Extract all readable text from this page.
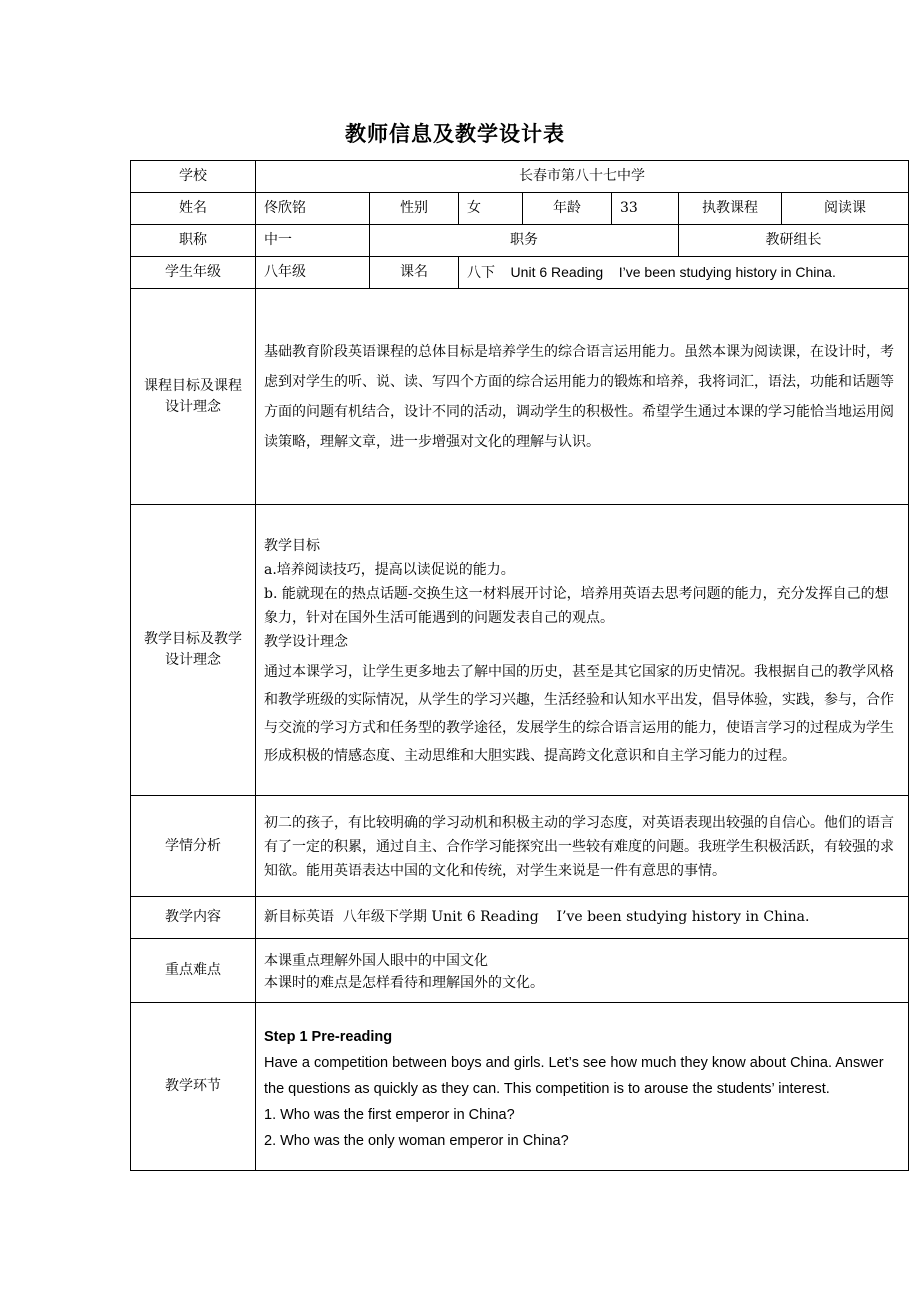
教师信息及教学设计表
学校	长春市第八十七中学						
姓名	佟欣铭	性别	女	年龄	33	执教课程	阅读课
职称	中一	职务				教研组长	
学生年级	八年级	课名	八下    Unit 6 Reading    I’ve been studying history in China.				
课程目标及课程设计理念	基础教育阶段英语课程的总体目标是培养学生的综合语言运用能力。虽然本课为阅读课，在设计时，考虑到对学生的听、说、读、写四个方面的综合运用能力的锻炼和培养，我将词汇，语法，功能和话题等方面的问题有机结合，设计不同的活动，调动学生的积极性。希望学生通过本课的学习能恰当地运用阅读策略，理解文章，进一步增强对文化的理解与认识。						

教学目标及教学设计理念	教学目标

a.培养阅读技巧，提高以读促说的能力。

b. 能就现在的热点话题-交换生这一材料展开讨论，培养用英语去思考问题的能力，充分发挥自己的想象力，针对在国外生活可能遇到的问题发表自己的观点。

教学设计理念

通过本课学习，让学生更多地去了解中国的历史，甚至是其它国家的历史情况。我根据自己的教学风格和教学班级的实际情况，从学生的学习兴趣，生活经验和认知水平出发，倡导体验，实践，参与，合作与交流的学习方式和任务型的教学途径，发展学生的综合语言运用的能力，使语言学习的过程成为学生形成积极的情感态度、主动思维和大胆实践、提高跨文化意识和自主学习能力的过程。						

学情分析	初二的孩子，有比较明确的学习动机和积极主动的学习态度，对英语表现出较强的自信心。他们的语言有了一定的积累，通过自主、合作学习能探究出一些较有难度的问题。我班学生积极活跃，有较强的求知欲。能用英语表达中国的文化和传统，对学生来说是一件有意思的事情。						

教学内容	新目标英语  八年级下学期 Unit 6 Reading    I’ve been studying history in China.						
重点难点	本课重点理解外国人眼中的中国文化

本课时的难点是怎样看待和理解国外的文化。						

教学环节	Step 1 Pre-reading

Have a competition between boys and girls. Let’s see how much they know about China. Answer the questions as quickly as they can. This competition is to arouse the students’ interest.

1. Who was the first emperor in China?

2. Who was the only woman emperor in China?						
